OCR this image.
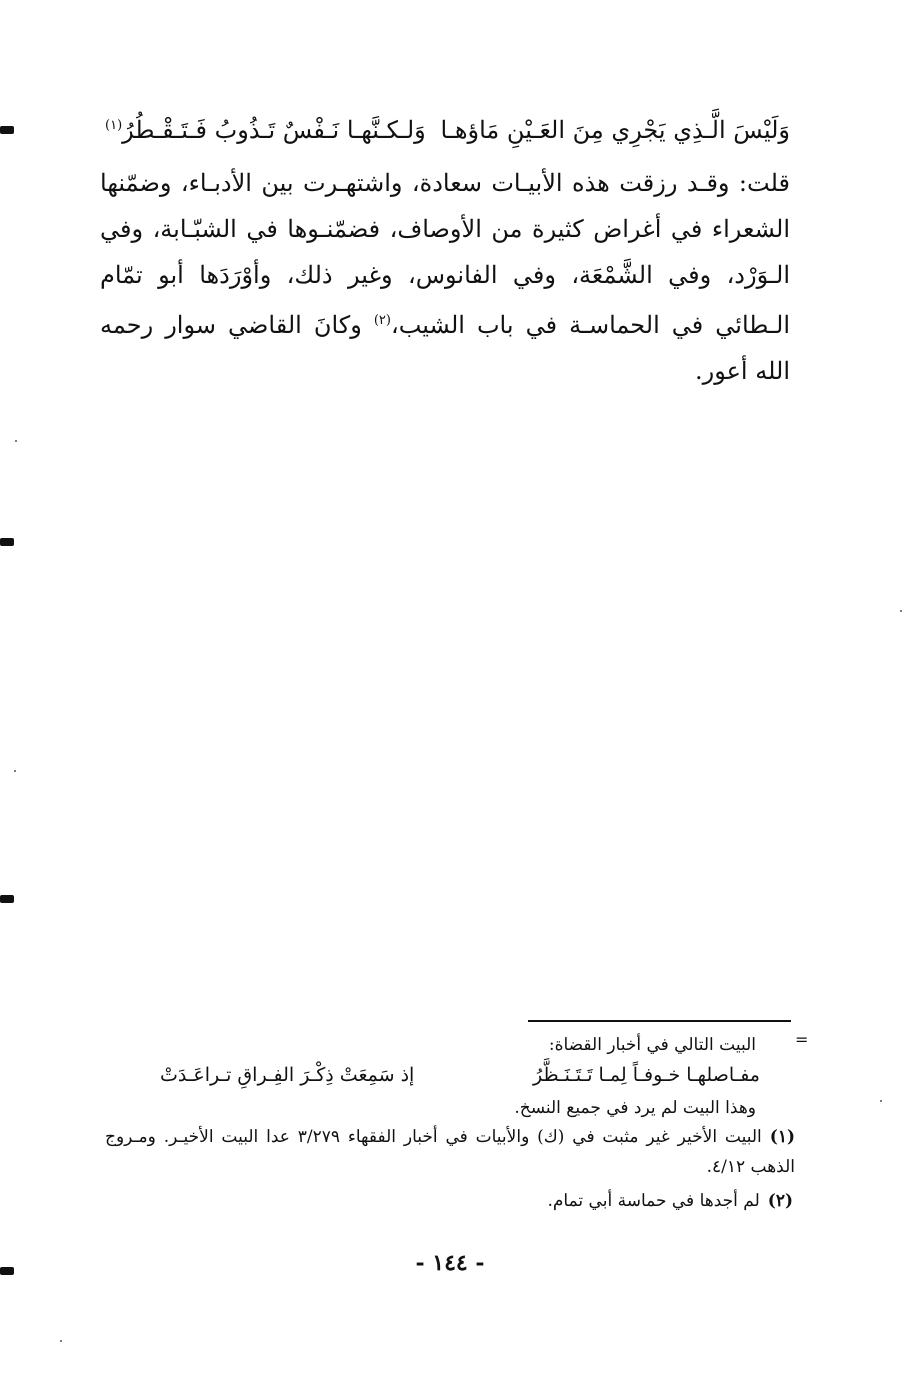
وَلَيْسَ الَّـذِي يَجْرِي مِنَ العَـيْنِ مَاؤهـا
وَلـكـنَّهـا نَـفْسٌ تَـذُوبُ فَـتَـقْـطُرُ$^{(١)}$
قلت: وقـد رزقت هذه الأبيـات سعادة، واشتهـرت بين الأدبـاء، وضمّنها الشعراء في أغراض كثيرة من الأوصاف، فضمّنـوها في الشبّـابة، وفي الـوَرْد، وفي الشَّمْعَة، وفي الفانوس، وغير ذلك، وأوْرَدَها أبو تمّام الـطائي في الحماسـة في باب الشيب،$^{(٢)}$ وكانَ القاضي سوار رحمه الله أعور.
=
البيت التالي في أخبار القضاة:
إذ سَمِعَتْ ذِكْـرَ الفِـراقِ تـراعَـدَتْ	مفـاصلهـا خـوفـاً لِمـا تَـتَـنَـظَّرُ
وهذا البيت لم يرد في جميع النسخ.
(١)البيت الأخير غير مثبت في (ك) والأبيات في أخبار الفقهاء ٣/٢٧٩ عدا البيت الأخيـر. ومـروج الذهب ٤/١٢.
(٢)لم أجدها في حماسة أبي تمام.
- ١٤٤ -
